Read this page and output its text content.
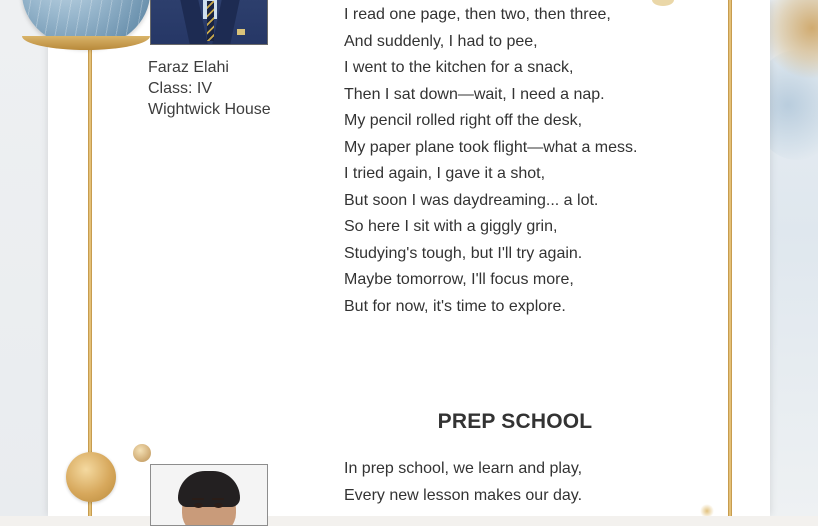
Faraz Elahi
Class: IV
Wightwick House
I read one page, then two, then three,
And suddenly, I had to pee,
I went to the kitchen for a snack,
Then I sat down—wait, I need a nap.
My pencil rolled right off the desk,
My paper plane took flight—what a mess.
I tried again, I gave it a shot,
But soon I was daydreaming... a lot.
So here I sit with a giggly grin,
Studying's tough, but I'll try again.
Maybe tomorrow, I'll focus more,
But for now, it's time to explore.
PREP SCHOOL
In prep school, we learn and play,
Every new lesson makes our day.
